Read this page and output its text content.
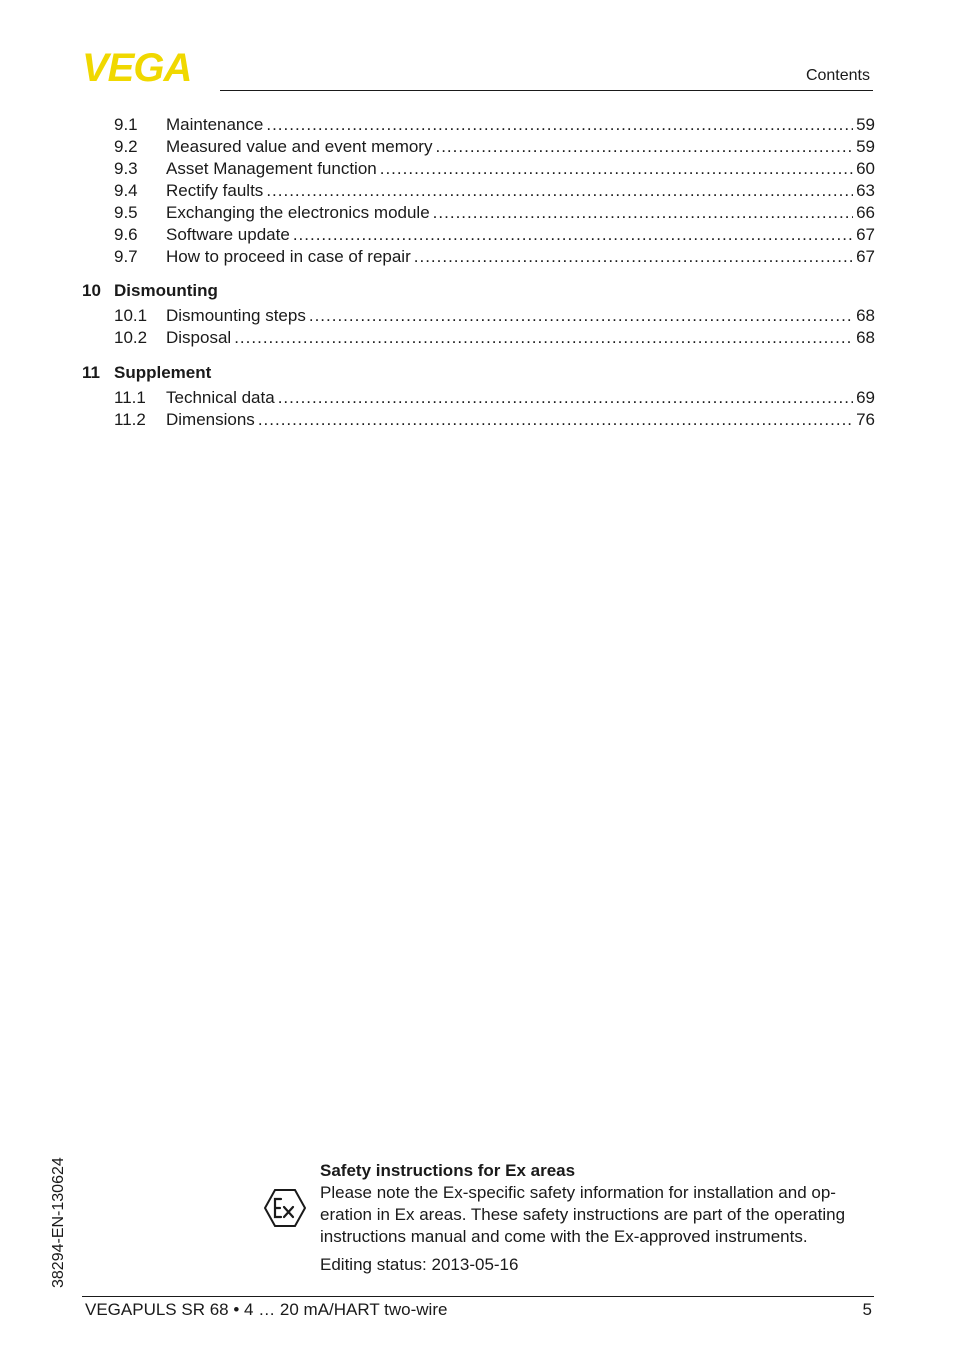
VEGA	Contents
9.1	Maintenance .....	59
9.2	Measured value and event memory .....	59
9.3	Asset Management function .....	60
9.4	Rectify faults .....	63
9.5	Exchanging the electronics module .....	66
9.6	Software update .....	67
9.7	How to proceed in case of repair .....	67
10 Dismounting
10.1	Dismounting steps .....	68
10.2	Disposal .....	68
11 Supplement
11.1	Technical data .....	69
11.2	Dimensions .....	76
38294-EN-130624	Safety instructions for Ex areas
Please note the Ex-specific safety information for installation and op-
eration in Ex areas. These safety instructions are part of the operating
instructions manual and come with the Ex-approved instruments.
Editing status: 2013-05-16
VEGAPULS SR 68 • 4 … 20 mA/HART two-wire	5
